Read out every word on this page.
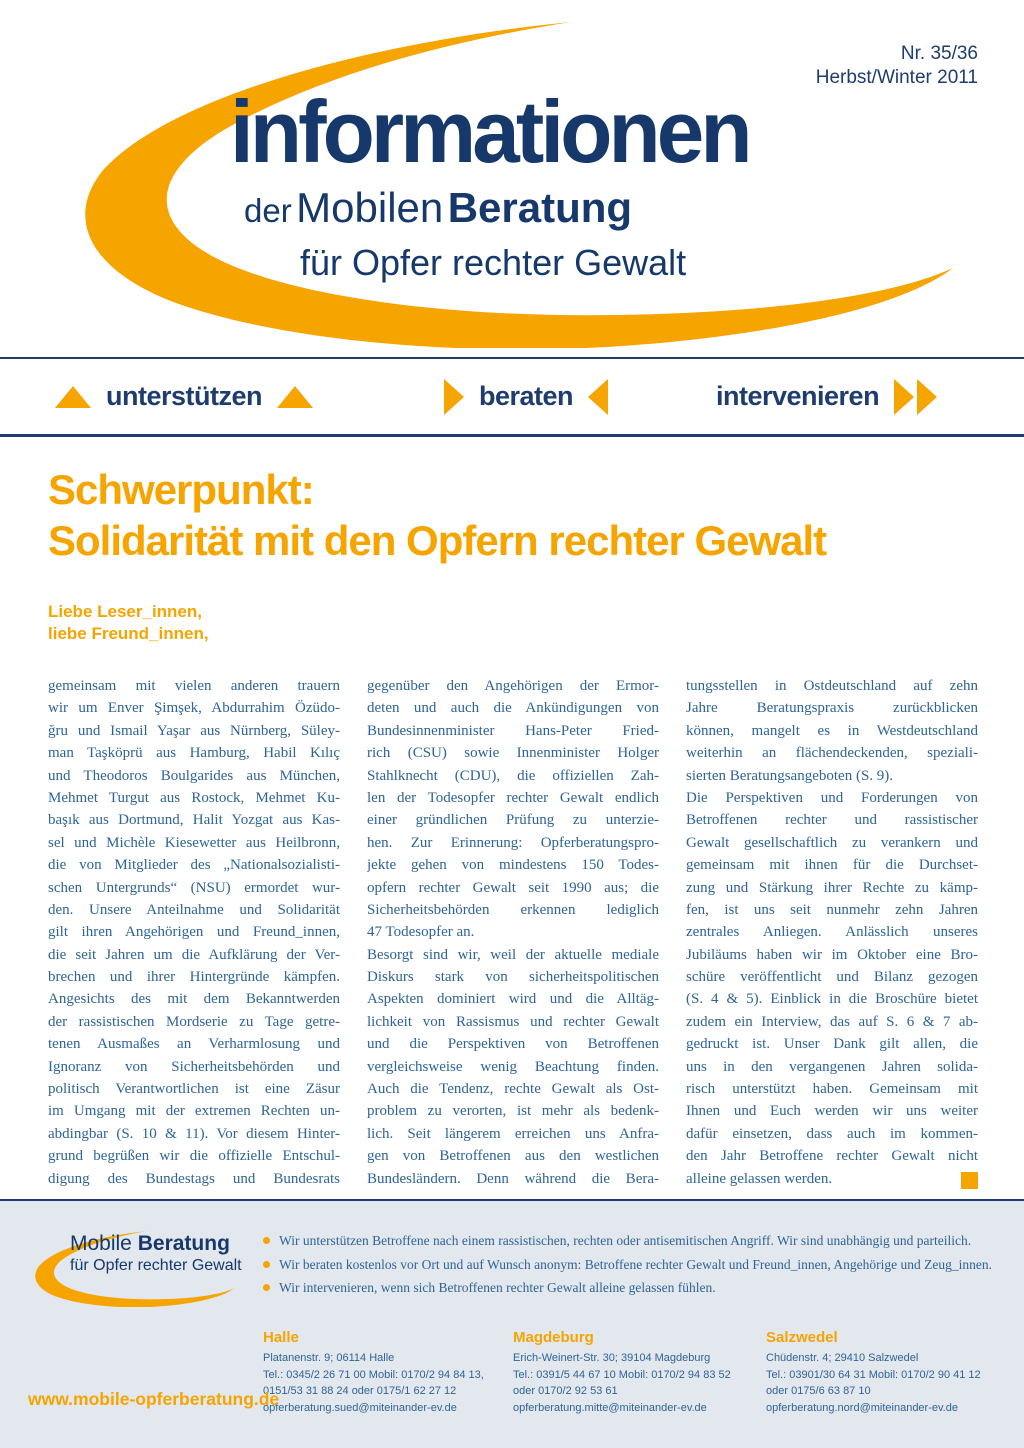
Nr. 35/36
Herbst/Winter 2011
informationen
der Mobilen Beratung
für Opfer rechter Gewalt
unterstützen	beraten	intervenieren
Schwerpunkt:
Solidarität mit den Opfern rechter Gewalt
Liebe Leser_innen,
liebe Freund_innen,
gemeinsam mit vielen anderen trauern
wir um Enver Şimşek, Abdurrahim Özüdo-
ğru und Ismail Yaşar aus Nürnberg, Süley-
man Taşköprü aus Hamburg, Habil Kılıç
und Theodoros Boulgarides aus München,
Mehmet Turgut aus Rostock, Mehmet Ku-
başık aus Dortmund, Halit Yozgat aus Kas-
sel und Michèle Kiesewetter aus Heilbronn,
die von Mitglieder des „Nationalsozialisti-
schen Untergrunds“ (NSU) ermordet wur-
den. Unsere Anteilnahme und Solidarität
gilt ihren Angehörigen und Freund_innen,
die seit Jahren um die Aufklärung der Ver-
brechen und ihrer Hintergründe kämpfen.
Angesichts des mit dem Bekanntwerden
der rassistischen Mordserie zu Tage getre-
tenen Ausmaßes an Verharmlosung und
Ignoranz von Sicherheitsbehörden und
politisch Verantwortlichen ist eine Zäsur
im Umgang mit der extremen Rechten un-
abdingbar (S. 10 & 11). Vor diesem Hinter-
grund begrüßen wir die offizielle Entschul-
digung des Bundestags und Bundesrats
gegenüber den Angehörigen der Ermor-
deten und auch die Ankündigungen von
Bundesinnenminister Hans-Peter Fried-
rich (CSU) sowie Innenminister Holger
Stahlknecht (CDU), die offiziellen Zah-
len der Todesopfer rechter Gewalt endlich
einer gründlichen Prüfung zu unterzie-
hen. Zur Erinnerung: Opferberatungspro-
jekte gehen von mindestens 150 Todes-
opfern rechter Gewalt seit 1990 aus; die
Sicherheitsbehörden erkennen lediglich
47 Todesopfer an.
Besorgt sind wir, weil der aktuelle mediale
Diskurs stark von sicherheitspolitischen
Aspekten dominiert wird und die Alltäg-
lichkeit von Rassismus und rechter Gewalt
und die Perspektiven von Betroffenen
vergleichsweise wenig Beachtung finden.
Auch die Tendenz, rechte Gewalt als Ost-
problem zu verorten, ist mehr als bedenk-
lich. Seit längerem erreichen uns Anfra-
gen von Betroffenen aus den westlichen
Bundesländern. Denn während die Bera-
tungsstellen in Ostdeutschland auf zehn
Jahre Beratungspraxis zurückblicken
können, mangelt es in Westdeutschland
weiterhin an flächendeckenden, speziali-
sierten Beratungsangeboten (S. 9).
Die Perspektiven und Forderungen von
Betroffenen rechter und rassistischer
Gewalt gesellschaftlich zu verankern und
gemeinsam mit ihnen für die Durchset-
zung und Stärkung ihrer Rechte zu kämp-
fen, ist uns seit nunmehr zehn Jahren
zentrales Anliegen. Anlässlich unseres
Jubiläums haben wir im Oktober eine Bro-
schüre veröffentlicht und Bilanz gezogen
(S. 4 & 5). Einblick in die Broschüre bietet
zudem ein Interview, das auf S. 6 & 7 ab-
gedruckt ist. Unser Dank gilt allen, die
uns in den vergangenen Jahren solida-
risch unterstützt haben. Gemeinsam mit
Ihnen und Euch werden wir uns weiter
dafür einsetzen, dass auch im kommen-
den Jahr Betroffene rechter Gewalt nicht
alleine gelassen werden.
Mobile Beratung
für Opfer rechter Gewalt
Wir unterstützen Betroffene nach einem rassistischen, rechten oder antisemitischen Angriff. Wir sind unabhängig und parteilich.
Wir beraten kostenlos vor Ort und auf Wunsch anonym: Betroffene rechter Gewalt und Freund_innen, Angehörige und Zeug_innen.
Wir intervenieren, wenn sich Betroffenen rechter Gewalt alleine gelassen fühlen.
Halle
Platanenstr. 9; 06114 Halle
Tel.: 0345/2 26 71 00 Mobil: 0170/2 94 84 13,
0151/53 31 88 24 oder 0175/1 62 27 12
opferberatung.sued@miteinander-ev.de
Magdeburg
Erich-Weinert-Str. 30; 39104 Magdeburg
Tel.: 0391/5 44 67 10 Mobil: 0170/2 94 83 52
oder 0170/2 92 53 61
opferberatung.mitte@miteinander-ev.de
Salzwedel
Chüdenstr. 4; 29410 Salzwedel
Tel.: 03901/30 64 31 Mobil: 0170/2 90 41 12
oder 0175/6 63 87 10
opferberatung.nord@miteinander-ev.de
www.mobile-opferberatung.de
